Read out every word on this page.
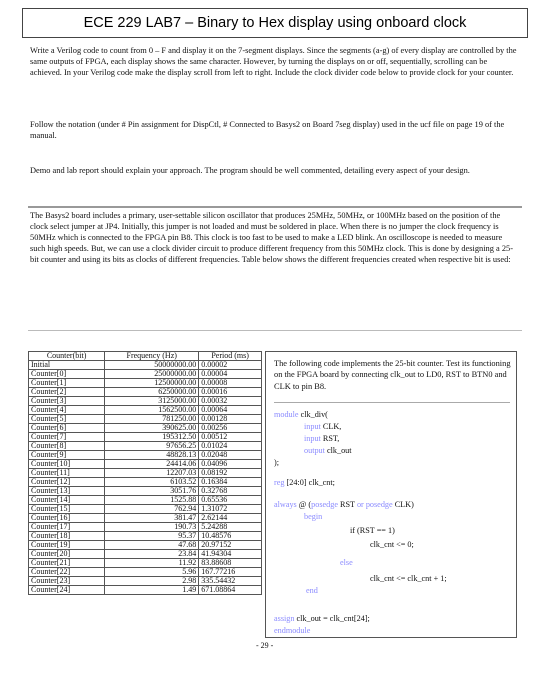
ECE 229 LAB7 – Binary to Hex display using onboard clock

Write a Verilog code to count from 0 – F and display it on the 7-segment displays. Since the segments (a-g) of every display are controlled by the same outputs of FPGA, each display shows the same character. However, by turning the displays on or off, sequentially, scrolling can be achieved. In your Verilog code make the display scroll from left to right. Include the clock divider code below to provide clock for your counter.

Follow the notation (under # Pin assignment for DispCtl, # Connected to Basys2 on Board 7seg display) used in the ucf file on page 19 of the manual.

Demo and lab report should explain your approach. The program should be well commented, detailing every aspect of your design.

The Basys2 board includes a primary, user-settable silicon oscillator that produces 25MHz, 50MHz, or 100MHz based on the position of the clock select jumper at JP4. Initially, this jumper is not loaded and must be soldered in place. When there is no jumper the clock frequency is 50MHz which is connected to the FPGA pin B8. This clock is too fast to be used to make a LED blink. An oscilloscope is needed to measure such high speeds. But, we can use a clock divider circuit to produce different frequency from this 50MHz clock. This is done by designing a 25-bit counter and using its bits as clocks of different frequencies. Table below shows the different frequencies created when respective bit is used:

Counter(bit)	Frequency (Hz)	Period (ms)
Initial	50000000.00	0.00002
Counter[0]	25000000.00	0.00004
Counter[1]	12500000.00	0.00008
Counter[2]	6250000.00	0.00016
Counter[3]	3125000.00	0.00032
Counter[4]	1562500.00	0.00064
Counter[5]	781250.00	0.00128
Counter[6]	390625.00	0.00256
Counter[7]	195312.50	0.00512
Counter[8]	97656.25	0.01024
Counter[9]	48828.13	0.02048
Counter[10]	24414.06	0.04096
Counter[11]	12207.03	0.08192
Counter[12]	6103.52	0.16384
Counter[13]	3051.76	0.32768
Counter[14]	1525.88	0.65536
Counter[15]	762.94	1.31072
Counter[16]	381.47	2.62144
Counter[17]	190.73	5.24288
Counter[18]	95.37	10.48576
Counter[19]	47.68	20.97152
Counter[20]	23.84	41.94304
Counter[21]	11.92	83.88608
Counter[22]	5.96	167.77216
Counter[23]	2.98	335.54432
Counter[24]	1.49	671.08864

The following code implements the 25-bit counter. Test its functioning on the FPGA board by connecting clk_out to LD0, RST to BTN0 and CLK to pin B8.

module clk_div(
input CLK,
input RST,
output clk_out
);
reg [24:0] clk_cnt;
always @ (posedge RST or posedge CLK)
begin
if (RST == 1)
clk_cnt <= 0;
else
clk_cnt <= clk_cnt + 1;
end
assign clk_out = clk_cnt[24];
endmodule
- 29 -
